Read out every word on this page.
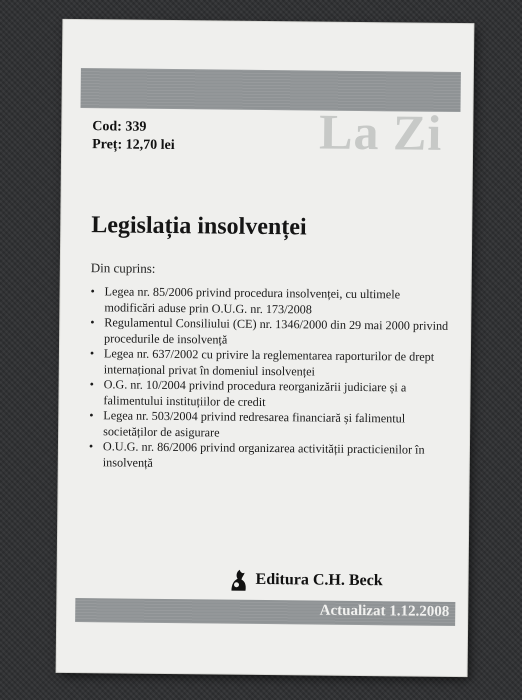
Cod: 339
Preț: 12,70 lei	La Zi
Legislația insolvenței
Din cuprins:
• Legea nr. 85/2006 privind procedura insolvenței, cu ultimele modificări aduse prin O.U.G. nr. 173/2008
• Regulamentul Consiliului (CE) nr. 1346/2000 din 29 mai 2000 privind procedurile de insolvență
• Legea nr. 637/2002 cu privire la reglementarea raporturilor de drept internațional privat în domeniul insolvenței
• O.G. nr. 10/2004 privind procedura reorganizării judiciare și a falimentului instituțiilor de credit
• Legea nr. 503/2004 privind redresarea financiară și falimentul societăților de asigurare
• O.U.G. nr. 86/2006 privind organizarea activității practicienilor în insolvență
Editura C.H. Beck
Actualizat 1.12.2008
